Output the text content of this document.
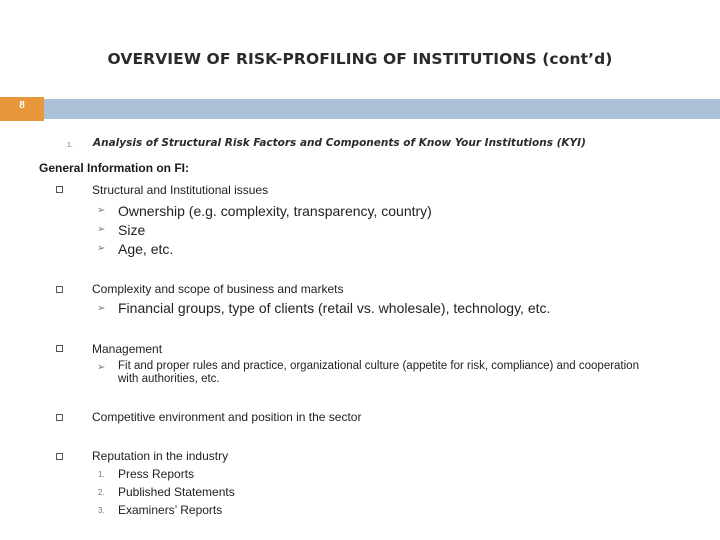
OVERVIEW OF RISK-PROFILING OF INSTITUTIONS (cont’d)
8
1. Analysis of Structural Risk Factors and Components of Know Your Institutions (KYI)
General Information on FI:
Structural and Institutional issues
➢ Ownership (e.g. complexity, transparency, country)
➢ Size
➢ Age, etc.
Complexity and scope of business and markets
➢ Financial groups, type of clients (retail vs. wholesale), technology, etc.
Management
➢ Fit and proper rules and practice, organizational culture (appetite for risk, compliance) and cooperation with authorities, etc.
Competitive environment and position in the sector
Reputation in the industry
1. Press Reports
2. Published Statements
3. Examiners’ Reports
